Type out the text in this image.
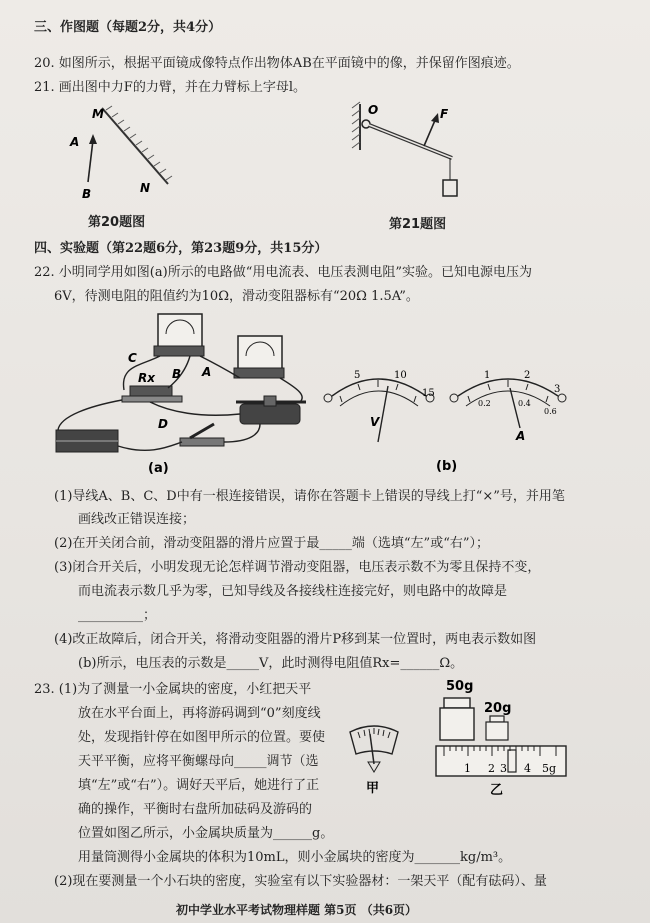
三、作图题（每题2分，共4分）
20. 如图所示，根据平面镜成像特点作出物体AB在平面镜中的像，并保留作图痕迹。
21. 画出图中力F的力臂，并在力臂标上字母l。
M
A
B	N
第20题图
O	F
第21题图
四、实验题（第22题6分，第23题9分，共15分）
22. 小明同学用如图(a)所示的电路做“用电流表、电压表测电阻”实验。已知电源电压为
6V，待测电阻的阻值约为10Ω，滑动变阻器标有“20Ω 1.5A”。
C
B A
D
Rx
(a)
5	10
15
V
1	2
3
0.2	0.4
0.6
A
(b)
(1)导线A、B、C、D中有一根连接错误，请你在答题卡上错误的导线上打“×”号，并用笔
画线改正错误连接；
(2)在开关闭合前，滑动变阻器的滑片应置于最_____端（选填“左”或“右”）；
(3)闭合开关后，小明发现无论怎样调节滑动变阻器，电压表示数不为零且保持不变，
而电流表示数几乎为零，已知导线及各接线柱连接完好，则电路中的故障是
__________；
(4)改正故障后，闭合开关，将滑动变阻器的滑片P移到某一位置时，两电表示数如图
(b)所示，电压表的示数是_____V，此时测得电阻值Rx=______Ω。
23. (1)为了测量一小金属块的密度，小红把天平
放在水平台面上，再将游码调到“0”刻度线
处，发现指针停在如图甲所示的位置。要使
天平平衡，应将平衡螺母向_____调节（选
填“左”或“右”）。调好天平后，她进行了正
确的操作，平衡时右盘所加砝码及游码的
位置如图乙所示，小金属块质量为______g。
甲
50g
20g
1 2 3 4 5g
乙
用量筒测得小金属块的体积为10mL，则小金属块的密度为_______kg/m³。
(2)现在要测量一个小石块的密度，实验室有以下实验器材：一架天平（配有砝码）、量
初中学业水平考试物理样题 第5页 （共6页）
